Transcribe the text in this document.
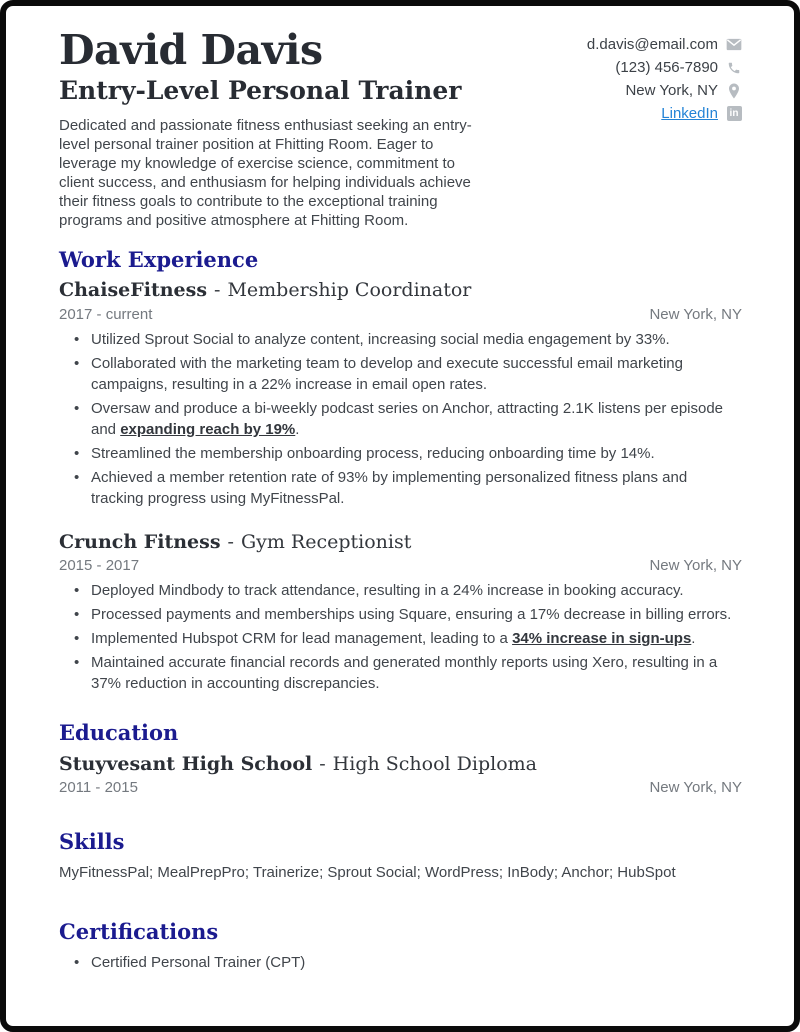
David Davis
Entry-Level Personal Trainer

Dedicated and passionate fitness enthusiast seeking an entry-level personal trainer position at Fhitting Room. Eager to leverage my knowledge of exercise science, commitment to client success, and enthusiasm for helping individuals achieve their fitness goals to contribute to the exceptional training programs and positive atmosphere at Fhitting Room.

d.davis@email.com
(123) 456-7890
New York, NY
LinkedIn	in
Work Experience
ChaiseFitness - Membership Coordinator
2017 - current	New York, NY
• Utilized Sprout Social to analyze content, increasing social media engagement by 33%.
• Collaborated with the marketing team to develop and execute successful email marketing campaigns, resulting in a 22% increase in email open rates.
• Oversaw and produce a bi-weekly podcast series on Anchor, attracting 2.1K listens per episode and expanding reach by 19%.
• Streamlined the membership onboarding process, reducing onboarding time by 14%.
• Achieved a member retention rate of 93% by implementing personalized fitness plans and tracking progress using MyFitnessPal.
Crunch Fitness - Gym Receptionist
2015 - 2017	New York, NY
• Deployed Mindbody to track attendance, resulting in a 24% increase in booking accuracy.
• Processed payments and memberships using Square, ensuring a 17% decrease in billing errors.
• Implemented Hubspot CRM for lead management, leading to a 34% increase in sign-ups.
• Maintained accurate financial records and generated monthly reports using Xero, resulting in a 37% reduction in accounting discrepancies.
Education
Stuyvesant High School - High School Diploma
2011 - 2015	New York, NY
Skills

MyFitnessPal; MealPrepPro; Trainerize; Sprout Social; WordPress; InBody; Anchor; HubSpot

Certifications
• Certified Personal Trainer (CPT)
